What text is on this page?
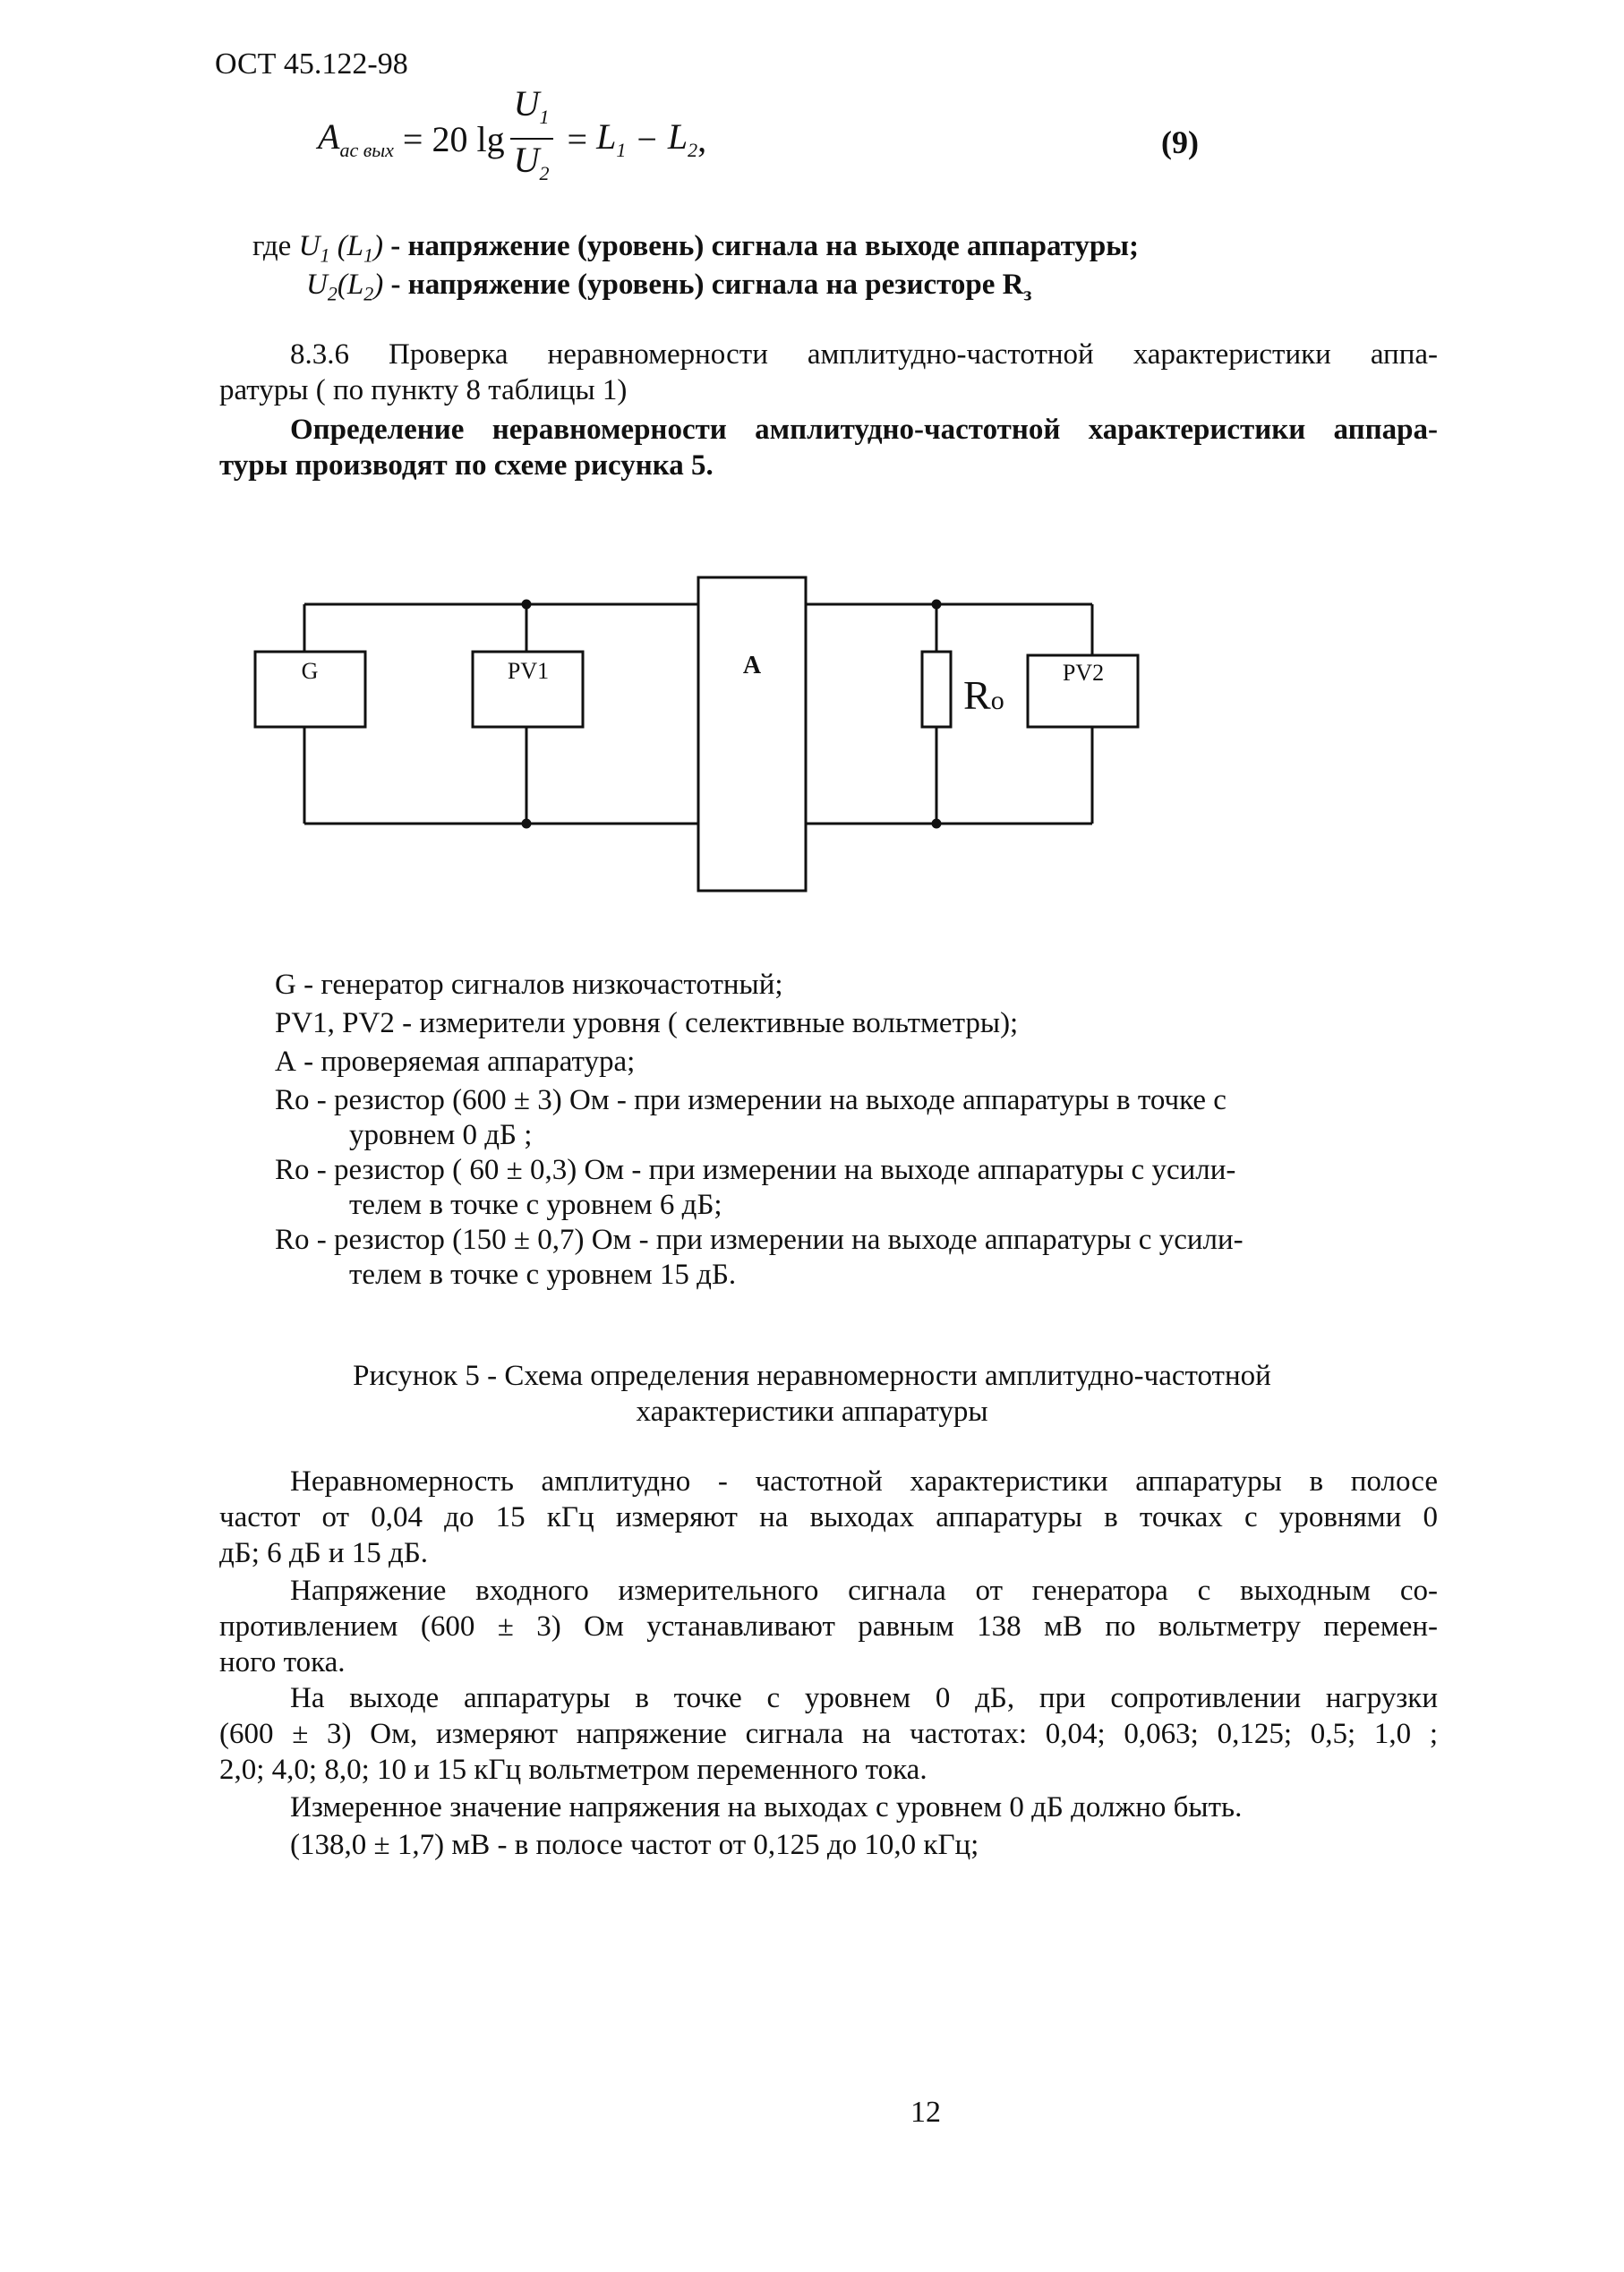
ОСТ 45.122-98
$A_{ас вых} = 20$ $\lg \frac{U_1}{U_2} = L_1 - L_2$ ,	(9)
где $U_1$ $(L_1)$ - напряжение (уровень) сигнала на выходе аппаратуры;
$U_2(L_2)$ - напряжение (уровень) сигнала на резисторе $R_з$
8.3.6 Проверка неравномерности амплитудно-частотной характеристики аппа-
ратуры ( по пункту 8 таблицы 1)
Определение неравномерности амплитудно-частотной характеристики аппара-
туры производят по схеме рисунка 5.
G	PV1	A
Ro
PV2
G - генератор сигналов низкочастотный;
PV1, PV2 - измерители уровня ( селективные вольтметры);
А - проверяемая аппаратура;
Ro - резистор (600 ± 3) Ом - при измерении на выходе аппаратуры в точке с
уровнем 0 дБ ;
Ro - резистор ( 60 ± 0,3) Ом - при измерении на выходе аппаратуры с усили-
телем в точке с уровнем 6 дБ;
Ro - резистор (150 ± 0,7) Ом - при измерении на выходе аппаратуры с усили-
телем в точке с уровнем 15 дБ.
Рисунок 5 - Схема определения неравномерности амплитудно-частотной
характеристики аппаратуры
Неравномерность амплитудно - частотной характеристики аппаратуры в полосе
частот от 0,04 до 15 кГц измеряют на выходах аппаратуры в точках с уровнями 0
дБ; 6 дБ и 15 дБ.
Напряжение входного измерительного сигнала от генератора с выходным со-
противлением (600 ± 3) Ом устанавливают равным 138 мВ по вольтметру перемен-
ного тока.
На выходе аппаратуры в точке с уровнем 0 дБ, при сопротивлении нагрузки
(600 ± 3) Ом, измеряют напряжение сигнала на частотах: 0,04; 0,063; 0,125; 0,5; 1,0 ;
2,0; 4,0; 8,0; 10 и 15 кГц вольтметром переменного тока.
Измеренное значение напряжения на выходах с уровнем 0 дБ должно быть.
(138,0 ± 1,7) мВ - в полосе частот от 0,125 до 10,0 кГц;
12
